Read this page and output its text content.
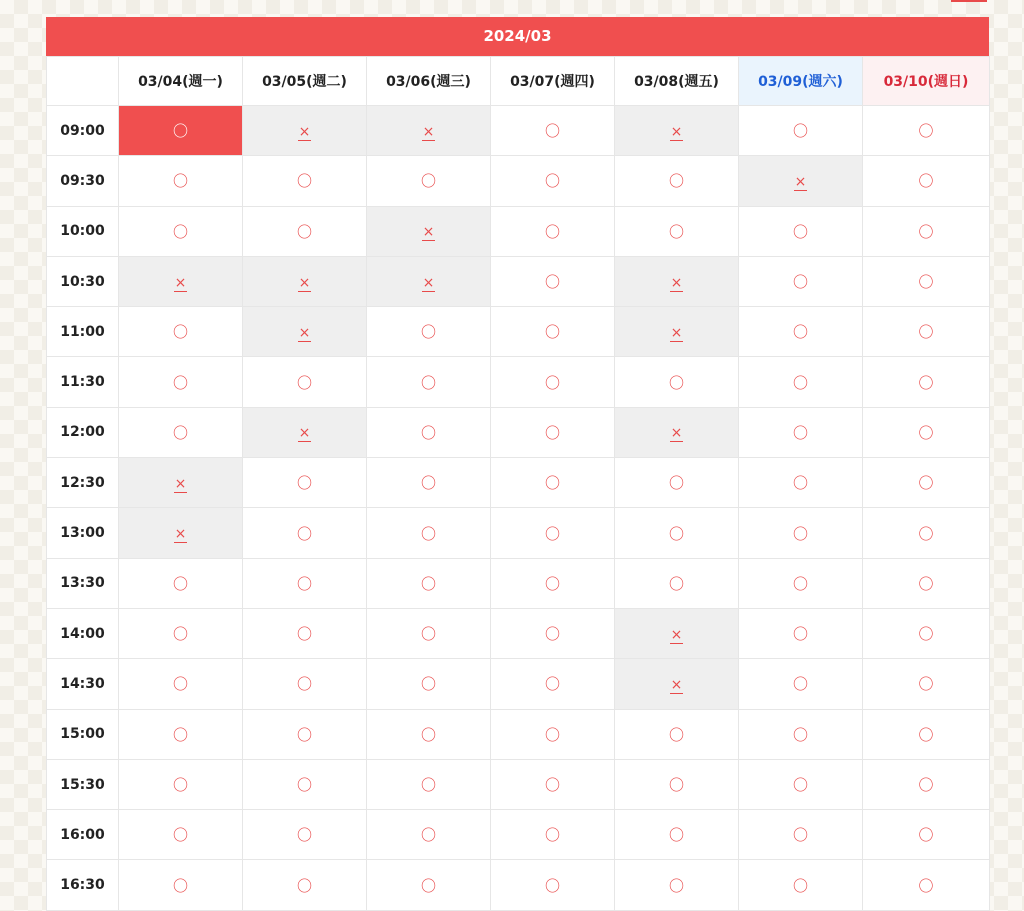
2024/03
	03/04(週一)	03/05(週二)	03/06(週三)	03/07(週四)	03/08(週五)	03/09(週六)	03/10(週日)
09:00	〇	×	×	〇	×	〇	〇
09:30	〇	〇	〇	〇	〇	×	〇
10:00	〇	〇	×	〇	〇	〇	〇
10:30	×	×	×	〇	×	〇	〇
11:00	〇	×	〇	〇	×	〇	〇
11:30	〇	〇	〇	〇	〇	〇	〇
12:00	〇	×	〇	〇	×	〇	〇
12:30	×	〇	〇	〇	〇	〇	〇
13:00	×	〇	〇	〇	〇	〇	〇
13:30	〇	〇	〇	〇	〇	〇	〇
14:00	〇	〇	〇	〇	×	〇	〇
14:30	〇	〇	〇	〇	×	〇	〇
15:00	〇	〇	〇	〇	〇	〇	〇
15:30	〇	〇	〇	〇	〇	〇	〇
16:00	〇	〇	〇	〇	〇	〇	〇
16:30	〇	〇	〇	〇	〇	〇	〇
